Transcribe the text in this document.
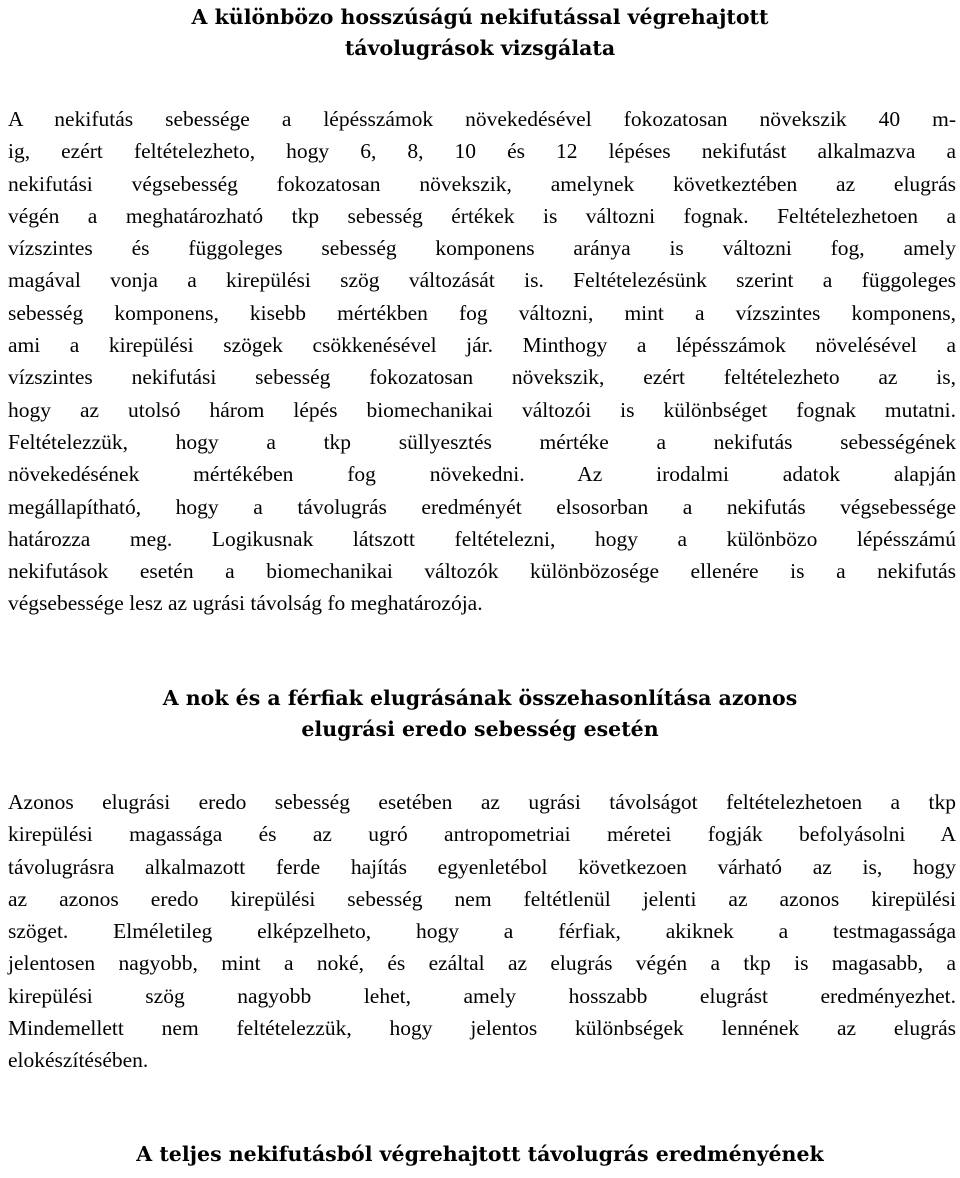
A különbözo hosszúságú nekifutással végrehajtott
távolugrások vizsgálata

A nekifutás sebessége a lépésszámok növekedésével fokozatosan növekszik 40 m-
ig, ezért feltételezheto, hogy 6, 8, 10 és 12 lépéses nekifutást alkalmazva a
nekifutási végsebesség fokozatosan növekszik, amelynek következtében az elugrás
végén a meghatározható tkp sebesség értékek is változni fognak. Feltételezhetoen a
vízszintes és függoleges sebesség komponens aránya is változni fog, amely
magával vonja a kirepülési szög változását is. Feltételezésünk szerint a függoleges
sebesség komponens, kisebb mértékben fog változni, mint a vízszintes komponens,
ami a kirepülési szögek csökkenésével jár. Minthogy a lépésszámok növelésével a
vízszintes nekifutási sebesség fokozatosan növekszik, ezért feltételezheto az is,
hogy az utolsó három lépés biomechanikai változói is különbséget fognak mutatni.
Feltételezzük, hogy a tkp süllyesztés mértéke a nekifutás sebességének
növekedésének mértékében fog növekedni. Az irodalmi adatok alapján
megállapítható, hogy a távolugrás eredményét elsosorban a nekifutás végsebessége
határozza meg. Logikusnak látszott feltételezni, hogy a különbözo lépésszámú
nekifutások esetén a biomechanikai változók különbözosége ellenére is a nekifutás
végsebessége lesz az ugrási távolság fo meghatározója.

A nok és a férfiak elugrásának összehasonlítása azonos
elugrási eredo sebesség esetén

Azonos elugrási eredo sebesség esetében az ugrási távolságot feltételezhetoen a tkp
kirepülési magassága és az ugró antropometriai méretei fogják befolyásolni A
távolugrásra alkalmazott ferde hajítás egyenletébol következoen várható az is, hogy
az azonos eredo kirepülési sebesség nem feltétlenül jelenti az azonos kirepülési
szöget. Elméletileg elképzelheto, hogy a férfiak, akiknek a testmagassága
jelentosen nagyobb, mint a noké, és ezáltal az elugrás végén a tkp is magasabb, a
kirepülési szög nagyobb lehet, amely hosszabb elugrást eredményezhet.
Mindemellett nem feltételezzük, hogy jelentos különbségek lennének az elugrás
elokészítésében.

A teljes nekifutásból végrehajtott távolugrás eredményének
